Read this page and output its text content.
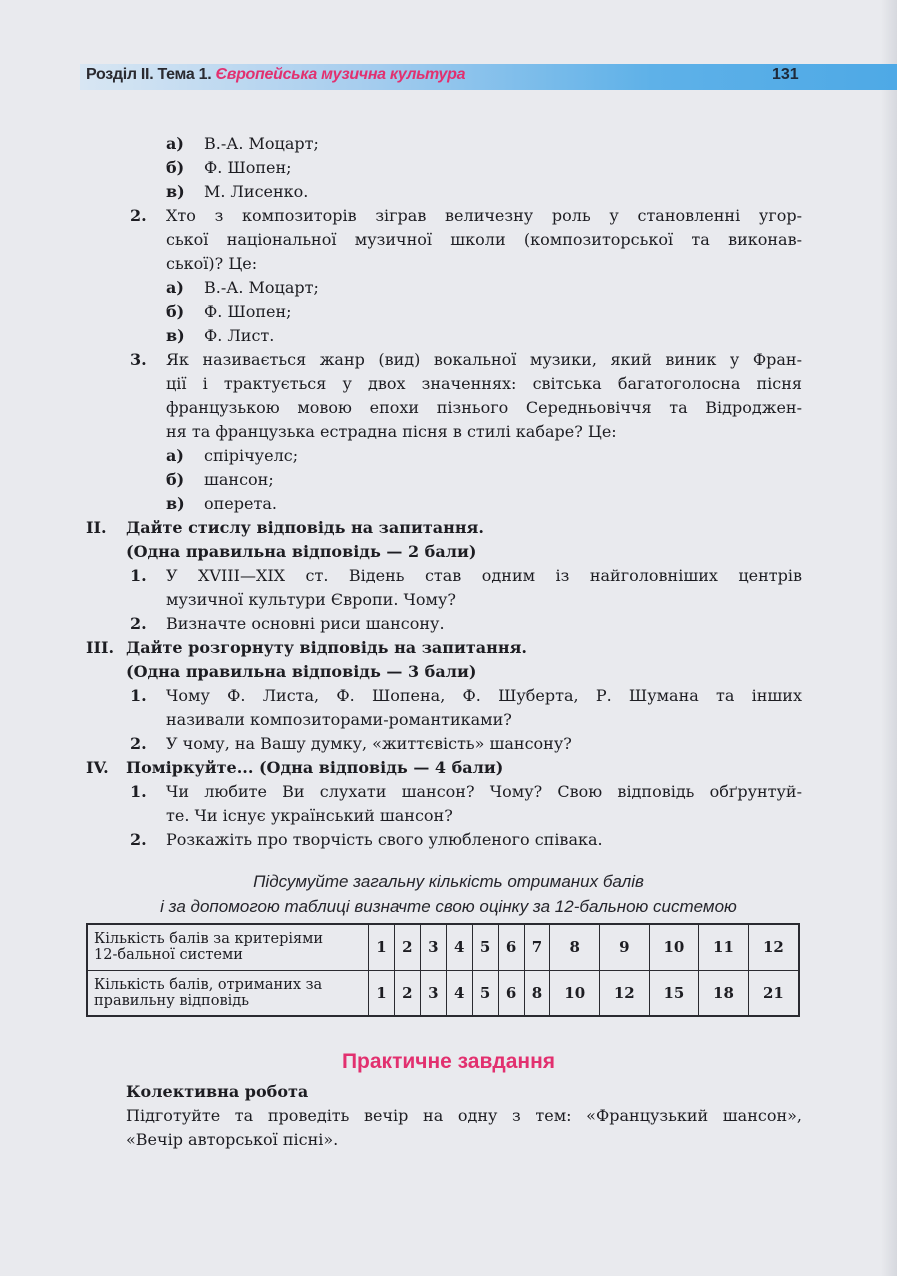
Розділ ІІ. Тема 1. Європейська музична культура	131
а) В.-А. Моцарт;
б) Ф. Шопен;
в) М. Лисенко.
2. Хто з композиторів зіграв величезну роль у становленні угор-
ської національної музичної школи (композиторської та виконав-
ської)? Це:
а) В.-А. Моцарт;
б) Ф. Шопен;
в) Ф. Лист.
3. Як називається жанр (вид) вокальної музики, який виник у Фран-
ції і трактується у двох значеннях: світська багатоголосна пісня
французькою мовою епохи пізнього Середньовіччя та Відроджен-
ня та французька естрадна пісня в стилі кабаре? Це:
а) спірічуелс;
б) шансон;
в) оперета.
II. Дайте стислу відповідь на запитання.
(Одна правильна відповідь — 2 бали)
1. У XVIII—XIX ст. Відень став одним із найголовніших центрів
музичної культури Європи. Чому?
2. Визначте основні риси шансону.
III. Дайте розгорнуту відповідь на запитання.
(Одна правильна відповідь — 3 бали)
1. Чому Ф. Листа, Ф. Шопена, Ф. Шуберта, Р. Шумана та інших
називали композиторами-романтиками?
2. У чому, на Вашу думку, «життєвість» шансону?
IV. Поміркуйте... (Одна відповідь — 4 бали)
1. Чи любите Ви слухати шансон? Чому? Свою відповідь обґрунтуй-
те. Чи існує український шансон?
2. Розкажіть про творчість свого улюбленого співака.
Підсумуйте загальну кількість отриманих балів
і за допомогою таблиці визначте свою оцінку за 12-бальною системою
Кількість балів за критеріями
12-бальної системи	1	2	3	4	5	6	7	8	9	10	11	12
Кількість балів, отриманих за
правильну відповідь	1	2	3	4	5	6	8	10	12	15	18	21
Практичне завдання
Колективна робота
Підготуйте та проведіть вечір на одну з тем: «Французький шансон»,
«Вечір авторської пісні».
